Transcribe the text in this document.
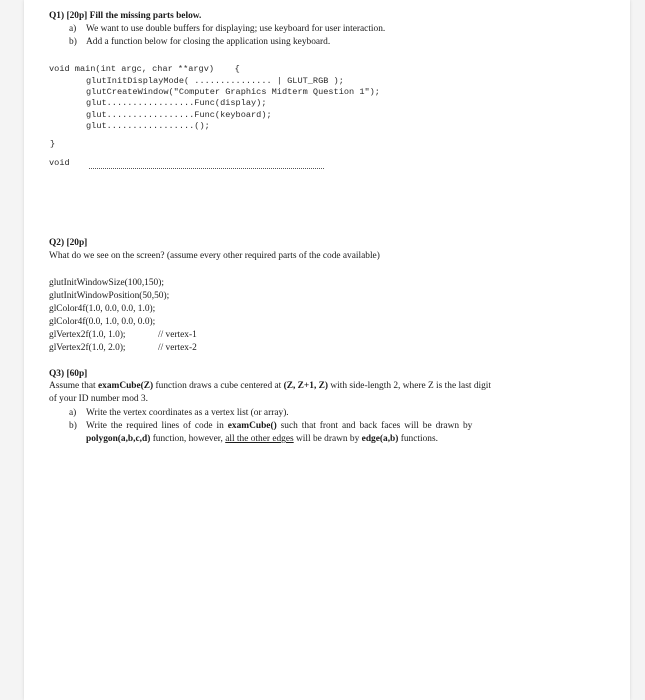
Q1) [20p] Fill the missing parts below.
a) We want to use double buffers for displaying; use keyboard for user interaction.
b) Add a function below for closing the application using keyboard.
void main(int argc, char **argv)    {
glutInitDisplayMode( ............... | GLUT_RGB );
glutCreateWindow("Computer Graphics Midterm Question 1");
glut.................Func(display);
glut.................Func(keyboard);
glut.................();
}
void
Q2) [20p]
What do we see on the screen? (assume every other required parts of the code available)
glutInitWindowSize(100,150);
glutInitWindowPosition(50,50);
glColor4f(1.0, 0.0, 0.0, 1.0);
glColor4f(0.0, 1.0, 0.0, 0.0);
glVertex2f(1.0, 1.0);	// vertex-1
glVertex2f(1.0, 2.0);	// vertex-2
Q3) [60p]
Assume that examCube(Z) function draws a cube centered at (Z, Z+1, Z) with side-length 2, where Z is the last digit
of your ID number mod 3.
a) Write the vertex coordinates as a vertex list (or array).
b) Write the required lines of code in examCube() such that front and back faces will be drawn by
polygon(a,b,c,d) function, however, all the other edges will be drawn by edge(a,b) functions.
